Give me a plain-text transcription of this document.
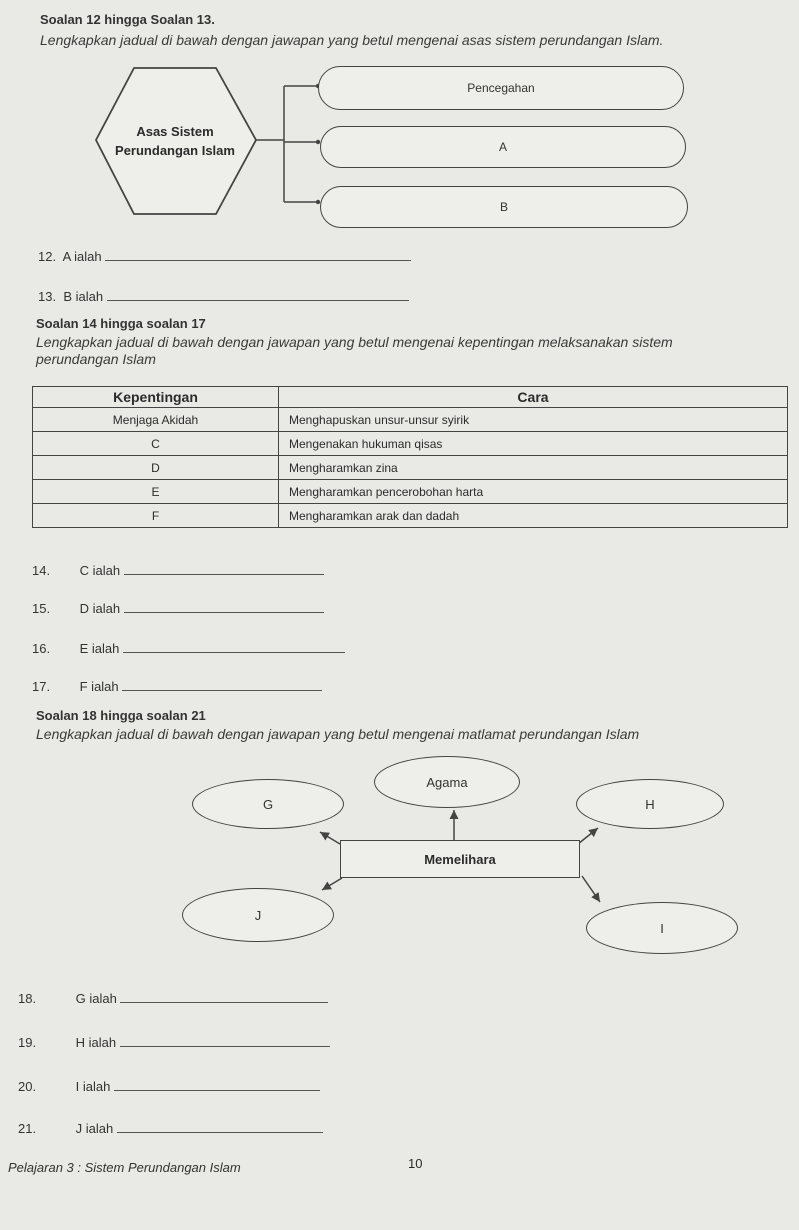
Soalan 12 hingga Soalan 13.
Lengkapkan jadual di bawah dengan jawapan yang betul mengenai asas sistem perundangan Islam.
Asas Sistem
Perundangan Islam
Pencegahan
A
B
12. A ialah
13. B ialah
Soalan 14 hingga soalan 17
Lengkapkan jadual di bawah dengan jawapan yang betul mengenai kepentingan melaksanakan sistem
perundangan Islam
Kepentingan	Cara
Menjaga Akidah	Menghapuskan unsur-unsur syirik
C	Mengenakan hukuman qisas
D	Mengharamkan zina
E	Mengharamkan pencerobohan harta
F	Mengharamkan arak dan dadah
14. C ialah
15. D ialah
16. E ialah
17. F ialah
Soalan 18 hingga soalan 21
Lengkapkan jadual di bawah dengan jawapan yang betul mengenai matlamat perundangan Islam
Agama
G	H
Memelihara
J
I
18.	G ialah
19.	H ialah
20.	I ialah
21.	J ialah
Pelajaran 3 : Sistem Perundangan Islam	10
